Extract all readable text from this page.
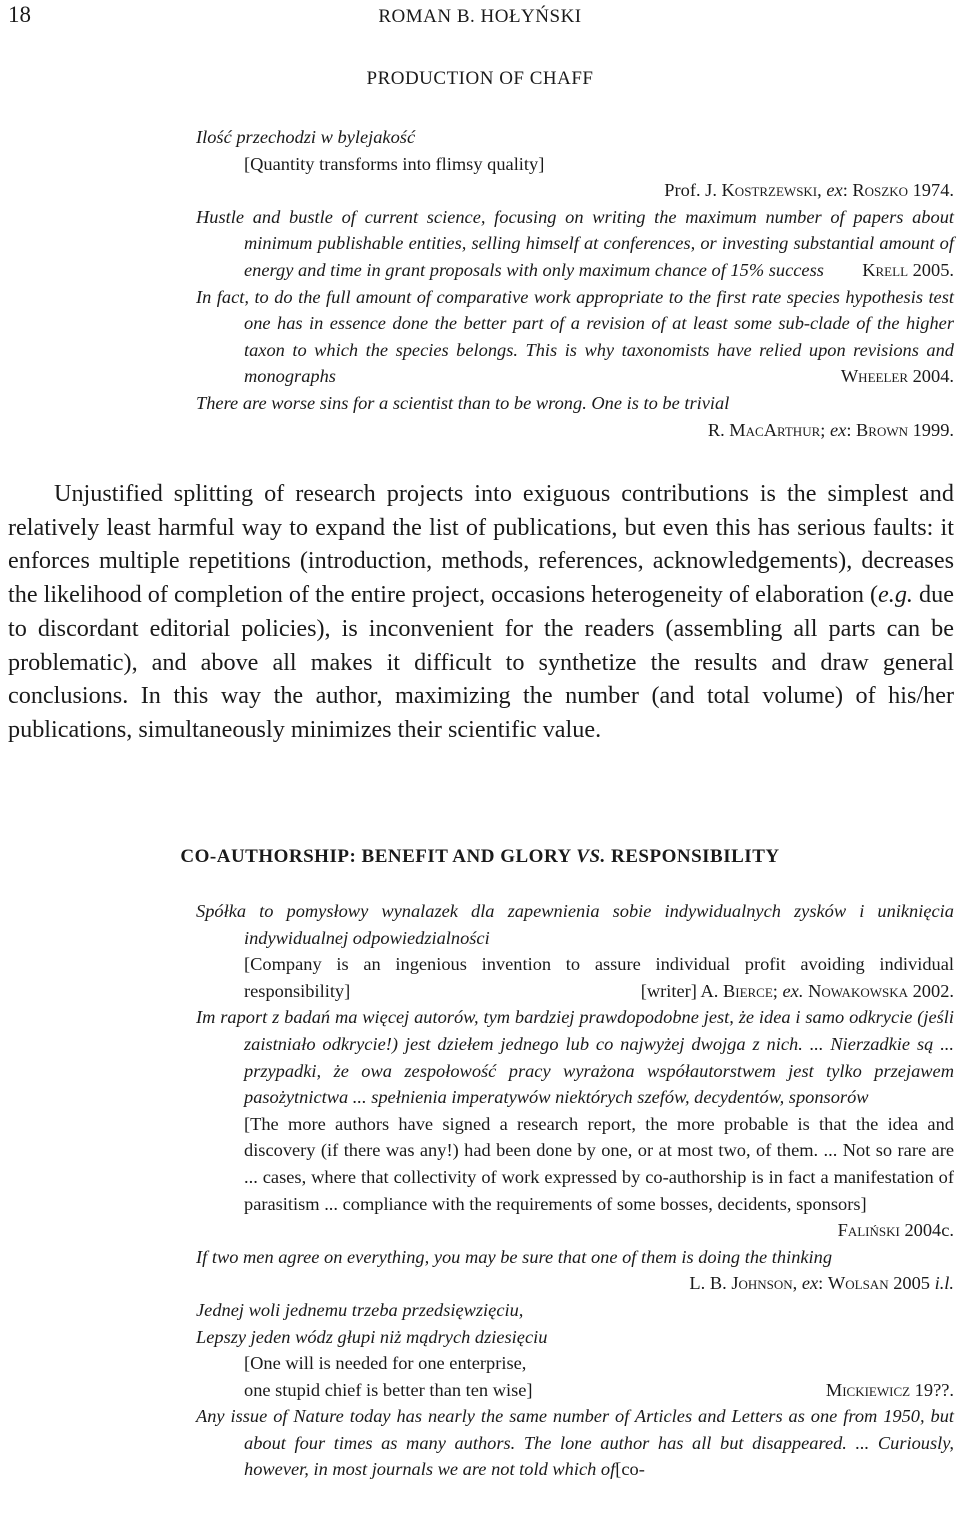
18	ROMAN B. HOŁYŃSKI
PRODUCTION OF CHAFF

Ilość przechodzi w bylejakość

[Quantity transforms into flimsy quality]

Prof. J. Kostrzewski, ex: Roszko 1974.

Hustle and bustle of current science, focusing on writing the maximum number of papers about minimum publishable entities, selling himself at conferences, or investing substantial amount of energy and time in grant proposals with only maximum chance of 15% success Krell 2005.

In fact, to do the full amount of comparative work appropriate to the first rate species hypothesis test one has in essence done the better part of a revision of at least some sub-clade of the higher taxon to which the species belongs. This is why taxonomists have relied upon revisions and monographs	Wheeler 2004.

There are worse sins for a scientist than to be wrong. One is to be trivial

R. MacArthur; ex: Brown 1999.

Unjustified splitting of research projects into exiguous contributions is the simplest and relatively least harmful way to expand the list of publications, but even this has serious faults: it enforces multiple repetitions (introduction, methods, references, acknowledgements), decreases the likelihood of completion of the entire project, occasions heterogeneity of elaboration (e.g. due to discordant editorial policies), is inconvenient for the readers (assembling all parts can be problematic), and above all makes it difficult to synthetize the results and draw general conclusions. In this way the author, maximizing the number (and total volume) of his/her publications, simultaneously minimizes their scientific value.

CO-AUTHORSHIP: BENEFIT AND GLORY VS. RESPONSIBILITY

Spółka to pomysłowy wynalazek dla zapewnienia sobie indywidualnych zysków i uniknięcia indywidualnej odpowiedzialności

[Company is an ingenious invention to assure individual profit avoiding individual responsibility]	[writer] A. Bierce; ex. Nowakowska 2002.

Im raport z badań ma więcej autorów, tym bardziej prawdopodobne jest, że idea i samo odkrycie (jeśli zaistniało odkrycie!) jest dziełem jednego lub co najwyżej dwojga z nich. ... Nierzadkie są ... przypadki, że owa zespołowość pracy wyrażona współautorstwem jest tylko przejawem pasożytnictwa ... spełnienia imperatywów niektórych szefów, decydentów, sponsorów

[The more authors have signed a research report, the more probable is that the idea and discovery (if there was any!) had been done by one, or at most two, of them. ... Not so rare are ... cases, where that collectivity of work expressed by co-authorship is in fact a manifestation of parasitism ... compliance with the requirements of some bosses, decidents, sponsors]
Faliński 2004c.

If two men agree on everything, you may be sure that one of them is doing the thinking

L. B. Johnson, ex: Wolsan 2005 i.l.

Jednej woli jednemu trzeba przedsięwzięciu,

Lepszy jeden wódz głupi niż mądrych dziesięciu

[One will is needed for one enterprise,

one stupid chief is better than ten wise]	Mickiewicz 19??.

Any issue of Nature today has nearly the same number of Articles and Letters as one from 1950, but about four times as many authors. The lone author has all but disappeared. ... Curiously, however, in most journals we are not told which of[co-
